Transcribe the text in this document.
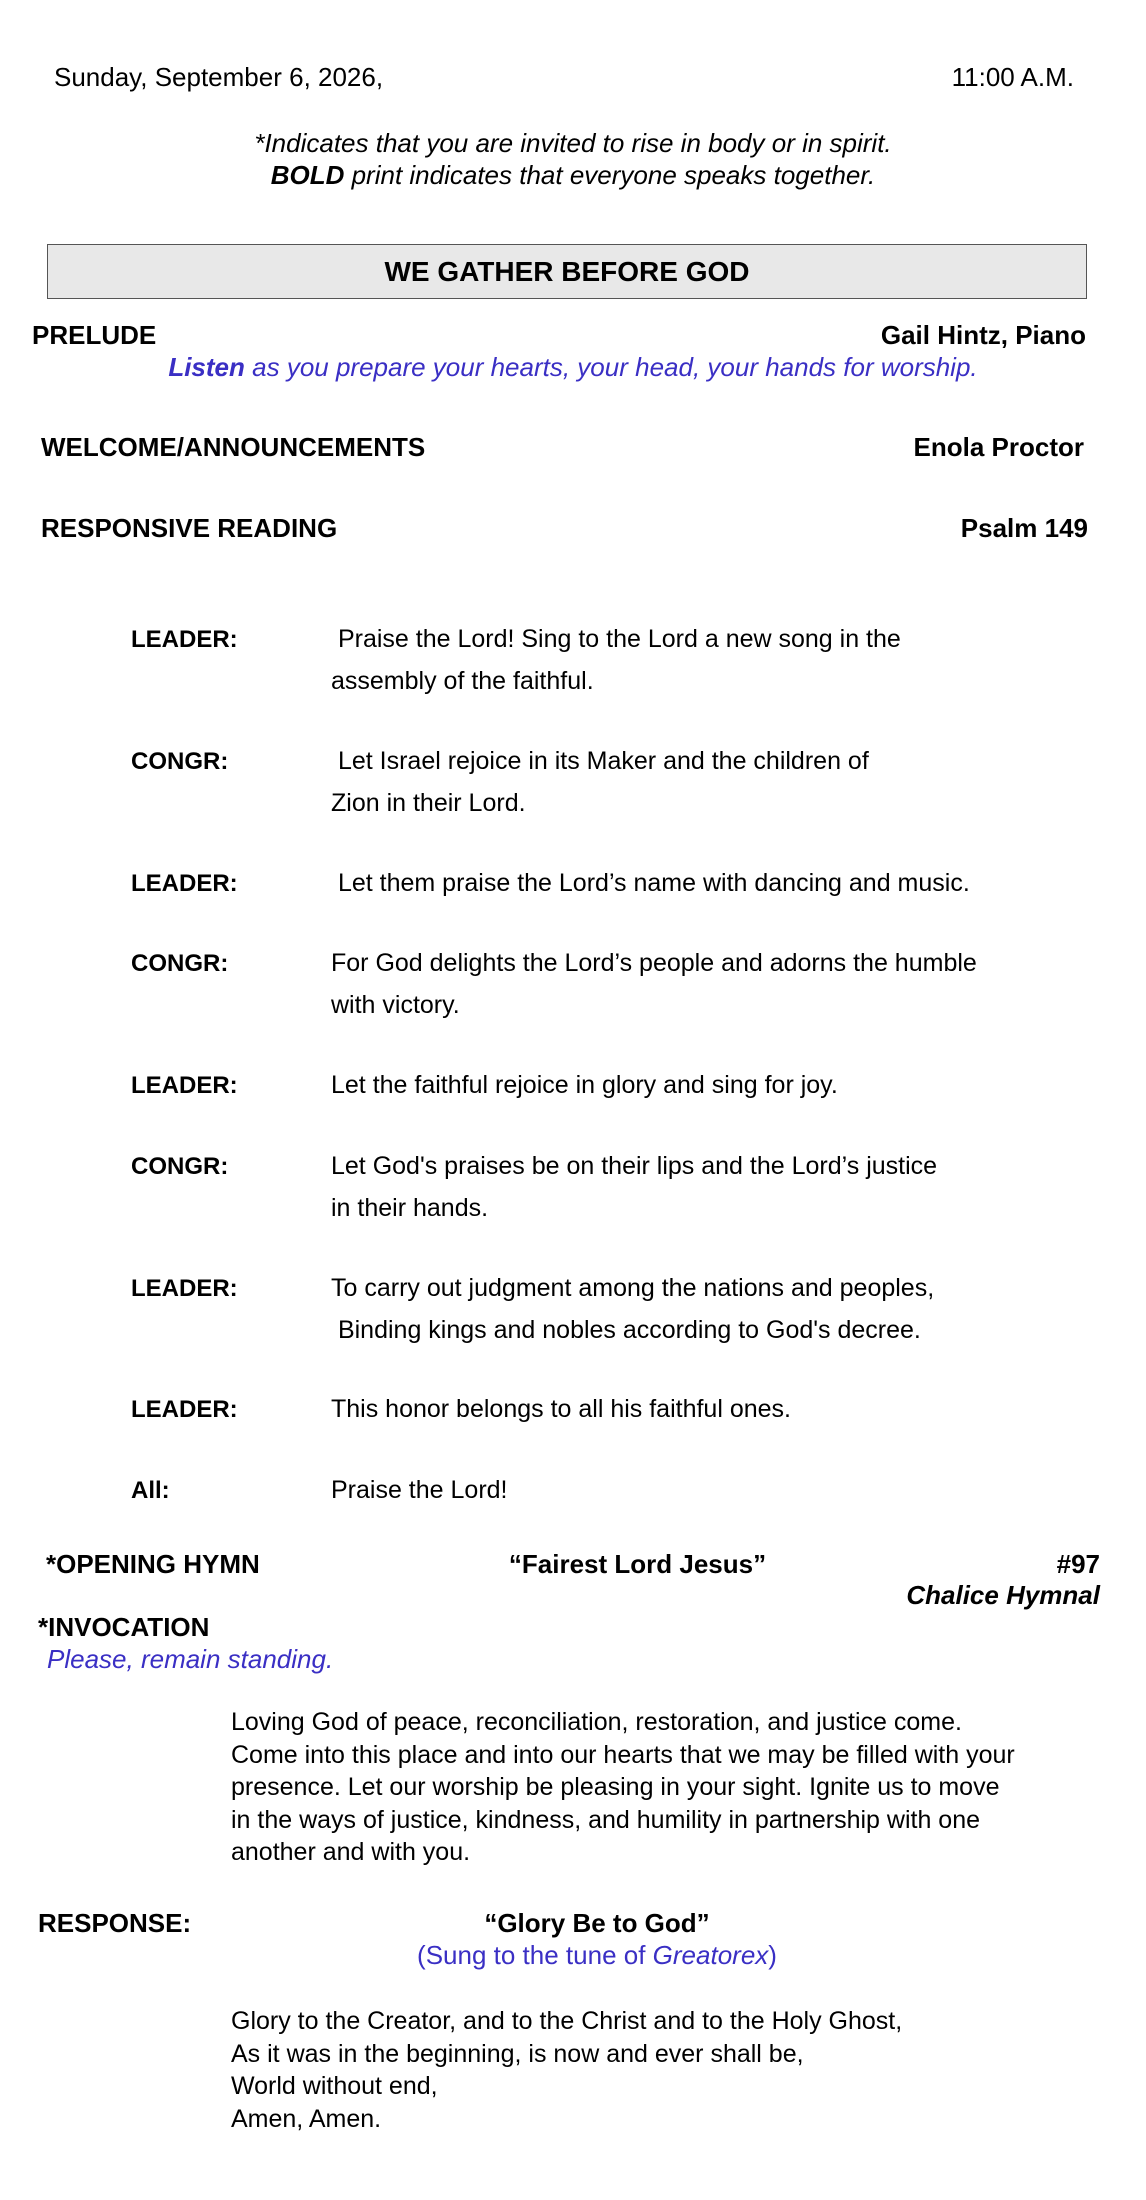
Sunday, September 6, 2026,	11:00 A.M.
*Indicates that you are invited to rise in body or in spirit.
BOLD print indicates that everyone speaks together.
WE GATHER BEFORE GOD
PRELUDE	Gail Hintz, Piano
Listen as you prepare your hearts, your head, your hands for worship.
WELCOME/ANNOUNCEMENTS	Enola Proctor
RESPONSIVE READING	Psalm 149
LEADER:	Praise the Lord! Sing to the Lord a new song in the
assembly of the faithful.
CONGR:	Let Israel rejoice in its Maker and the children of
Zion in their Lord.
LEADER:	Let them praise the Lord’s name with dancing and music.
CONGR:	For God delights the Lord’s people and adorns the humble
with victory.
LEADER:	Let the faithful rejoice in glory and sing for joy.
CONGR:	Let God's praises be on their lips and the Lord’s justice
in their hands.
LEADER:	To carry out judgment among the nations and peoples,
Binding kings and nobles according to God's decree.
LEADER:	This honor belongs to all his faithful ones.
All:	Praise the Lord!
*OPENING HYMN	“Fairest Lord Jesus”	#97
Chalice Hymnal
*INVOCATION
Please, remain standing.
Loving God of peace, reconciliation, restoration, and justice come.
Come into this place and into our hearts that we may be filled with your
presence. Let our worship be pleasing in your sight. Ignite us to move
in the ways of justice, kindness, and humility in partnership with one
another and with you.
RESPONSE:	“Glory Be to God”
(Sung to the tune of Greatorex)
Glory to the Creator, and to the Christ and to the Holy Ghost,
As it was in the beginning, is now and ever shall be,
World without end,
Amen, Amen.
